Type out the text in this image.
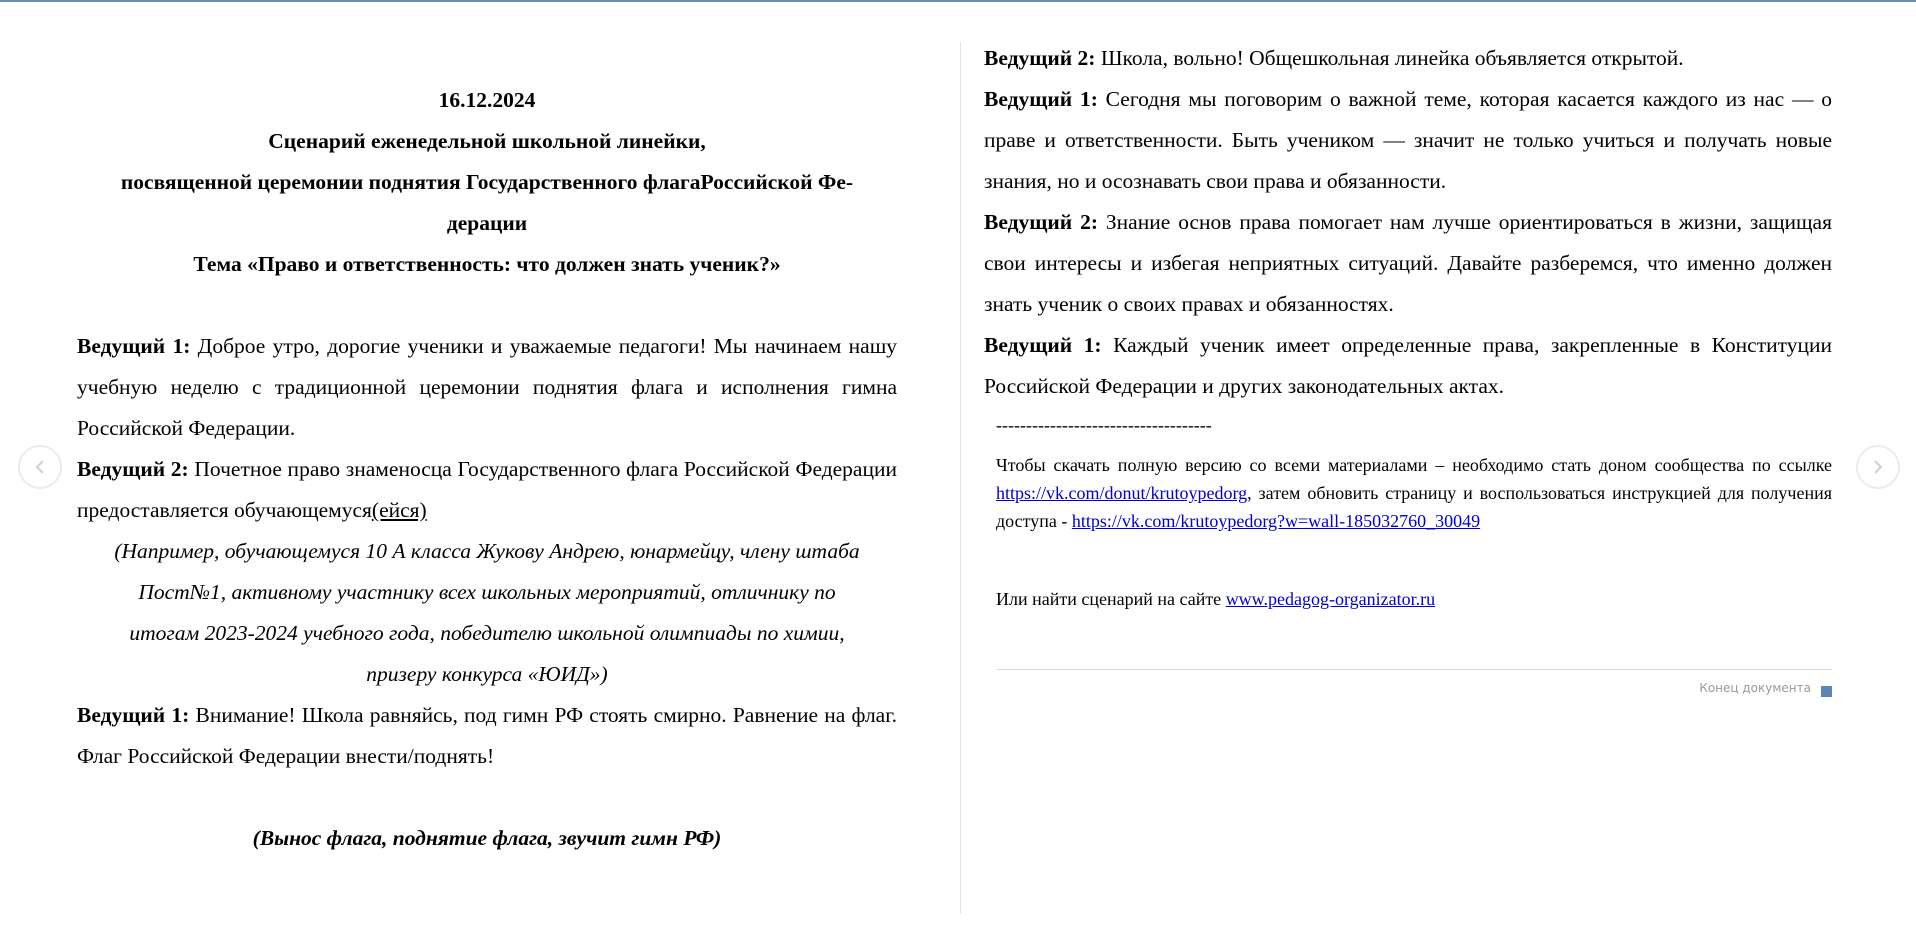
16.12.2024

Сценарий еженедельной школьной линейки,

посвященной церемонии поднятия Государственного флагаРоссийской Фе-

дерации

Тема «Право и ответственность: что должен знать ученик?»

Ведущий 1: Доброе утро, дорогие ученики и уважаемые педагоги! Мы начинаем нашу учебную неделю с традиционной церемонии поднятия флага и исполнения гимна Российской Федерации.

Ведущий 2: Почетное право знаменосца Государственного флага Российской Федерации предоставляется обучающемуся(ейся)

(Например, обучающемуся 10 А класса Жукову Андрею, юнармейцу, члену штаба

Пост№1, активному участнику всех школьных мероприятий, отличнику по

итогам 2023-2024 учебного года, победителю школьной олимпиады по химии,

призеру конкурса «ЮИД»)

Ведущий 1: Внимание! Школа равняйсь, под гимн РФ стоять смирно. Равнение на флаг. Флаг Российской Федерации внести/поднять!

(Вынос флага, поднятие флага, звучит гимн РФ)

Ведущий 2: Школа, вольно! Общешкольная линейка объявляется открытой.

Ведущий 1: Сегодня мы поговорим о важной теме, которая касается каждого из нас — о праве и ответственности. Быть учеником — значит не только учиться и получать новые знания, но и осознавать свои права и обязанности.

Ведущий 2: Знание основ права помогает нам лучше ориентироваться в жизни, защищая свои интересы и избегая неприятных ситуаций. Давайте разберемся, что именно должен знать ученик о своих правах и обязанностях.

Ведущий 1: Каждый ученик имеет определенные права, закрепленные в Конституции Российской Федерации и других законодательных актах.

------------------------------------

Чтобы скачать полную версию со всеми материалами – необходимо стать доном сообщества по ссылке https://vk.com/donut/krutoypedorg, затем обновить страницу и воспользоваться инструкцией для получения доступа - https://vk.com/krutoypedorg?w=wall-185032760_30049

Или найти сценарий на сайте www.pedagog-organizator.ru

Конец документа
